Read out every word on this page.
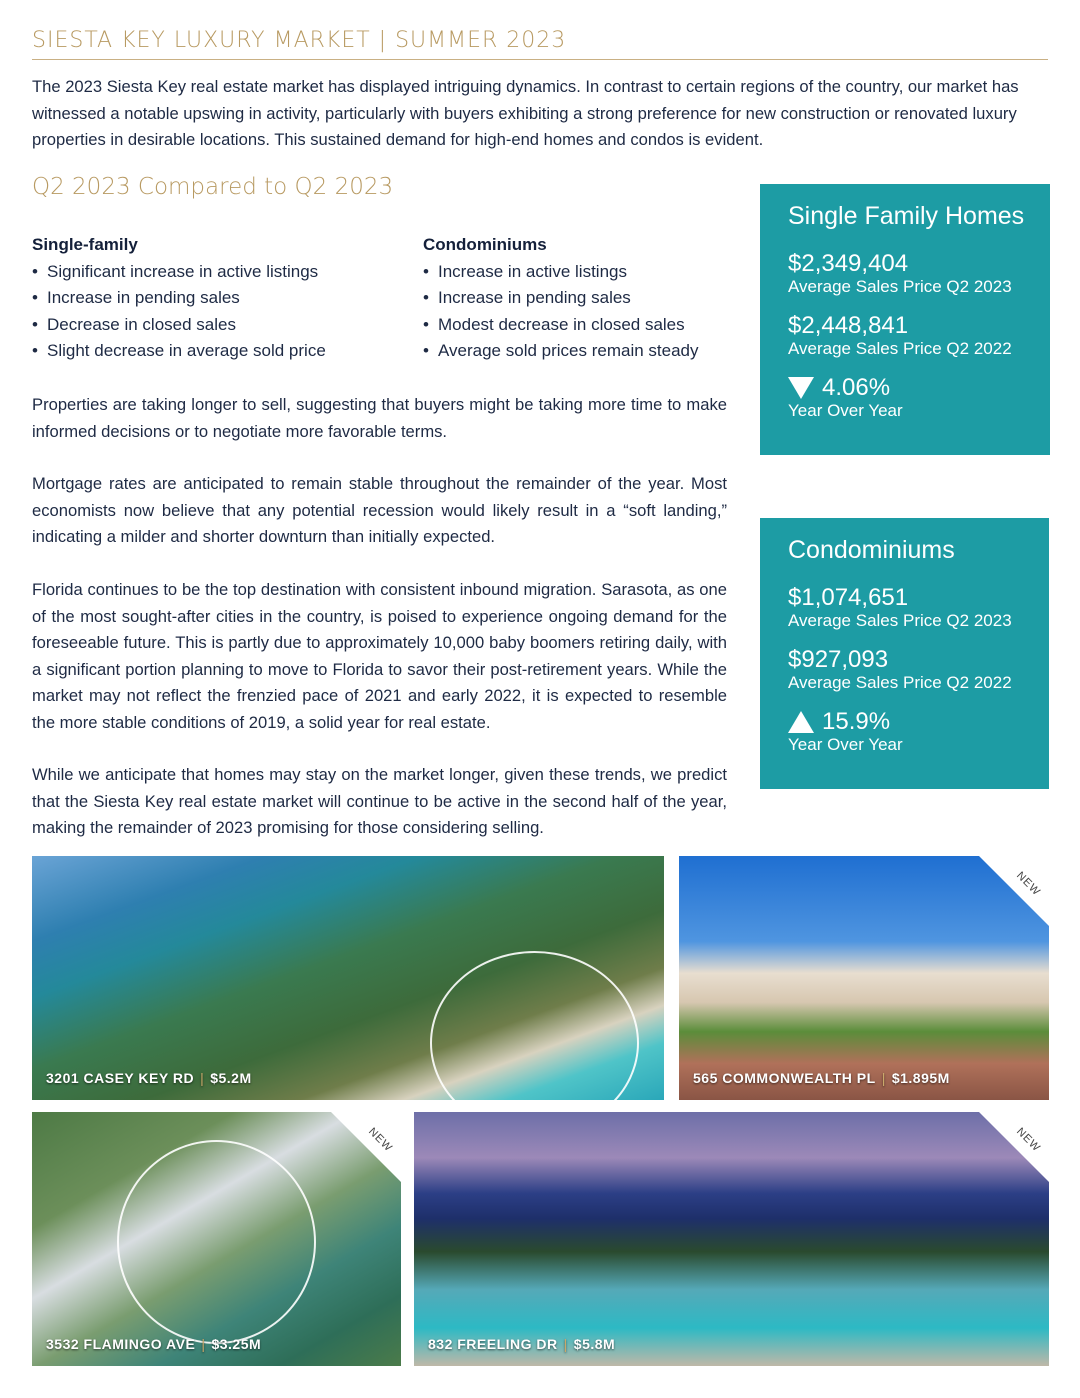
SIESTA KEY LUXURY MARKET | SUMMER 2023
The 2023 Siesta Key real estate market has displayed intriguing dynamics. In contrast to certain regions of the country, our market has witnessed a notable upswing in activity, particularly with buyers exhibiting a strong preference for new construction or renovated luxury properties in desirable locations. This sustained demand for high-end homes and condos is evident.
Q2 2023 Compared to Q2 2023
Single-family
• Significant increase in active listings
• Increase in pending sales
• Decrease in closed sales
• Slight decrease in average sold price
Condominiums
• Increase in active listings
• Increase in pending sales
• Modest decrease in closed sales
• Average sold prices remain steady
Properties are taking longer to sell, suggesting that buyers might be taking more time to make informed decisions or to negotiate more favorable terms.
Mortgage rates are anticipated to remain stable throughout the remainder of the year. Most economists now believe that any potential recession would likely result in a “soft landing,” indicating a milder and shorter downturn than initially expected.
Florida continues to be the top destination with consistent inbound migration. Sarasota, as one of the most sought-after cities in the country, is poised to experience ongoing demand for the foreseeable future. This is partly due to approximately 10,000 baby boomers retiring daily, with a significant portion planning to move to Florida to savor their post-retirement years. While the market may not reflect the frenzied pace of 2021 and early 2022, it is expected to resemble the more stable conditions of 2019, a solid year for real estate.
While we anticipate that homes may stay on the market longer, given these trends, we predict that the Siesta Key real estate market will continue to be active in the second half of the year, making the remainder of 2023 promising for those considering selling.
Single Family Homes
$2,349,404
Average Sales Price Q2 2023
$2,448,841
Average Sales Price Q2 2022
4.06%
Year Over Year
Condominiums
$1,074,651
Average Sales Price Q2 2023
$927,093
Average Sales Price Q2 2022
15.9%
Year Over Year
3201 CASEY KEY RD | $5.2M
NEW
565 COMMONWEALTH PL | $1.895M
NEW
3532 FLAMINGO AVE | $3.25M
NEW
832 FREELING DR | $5.8M
